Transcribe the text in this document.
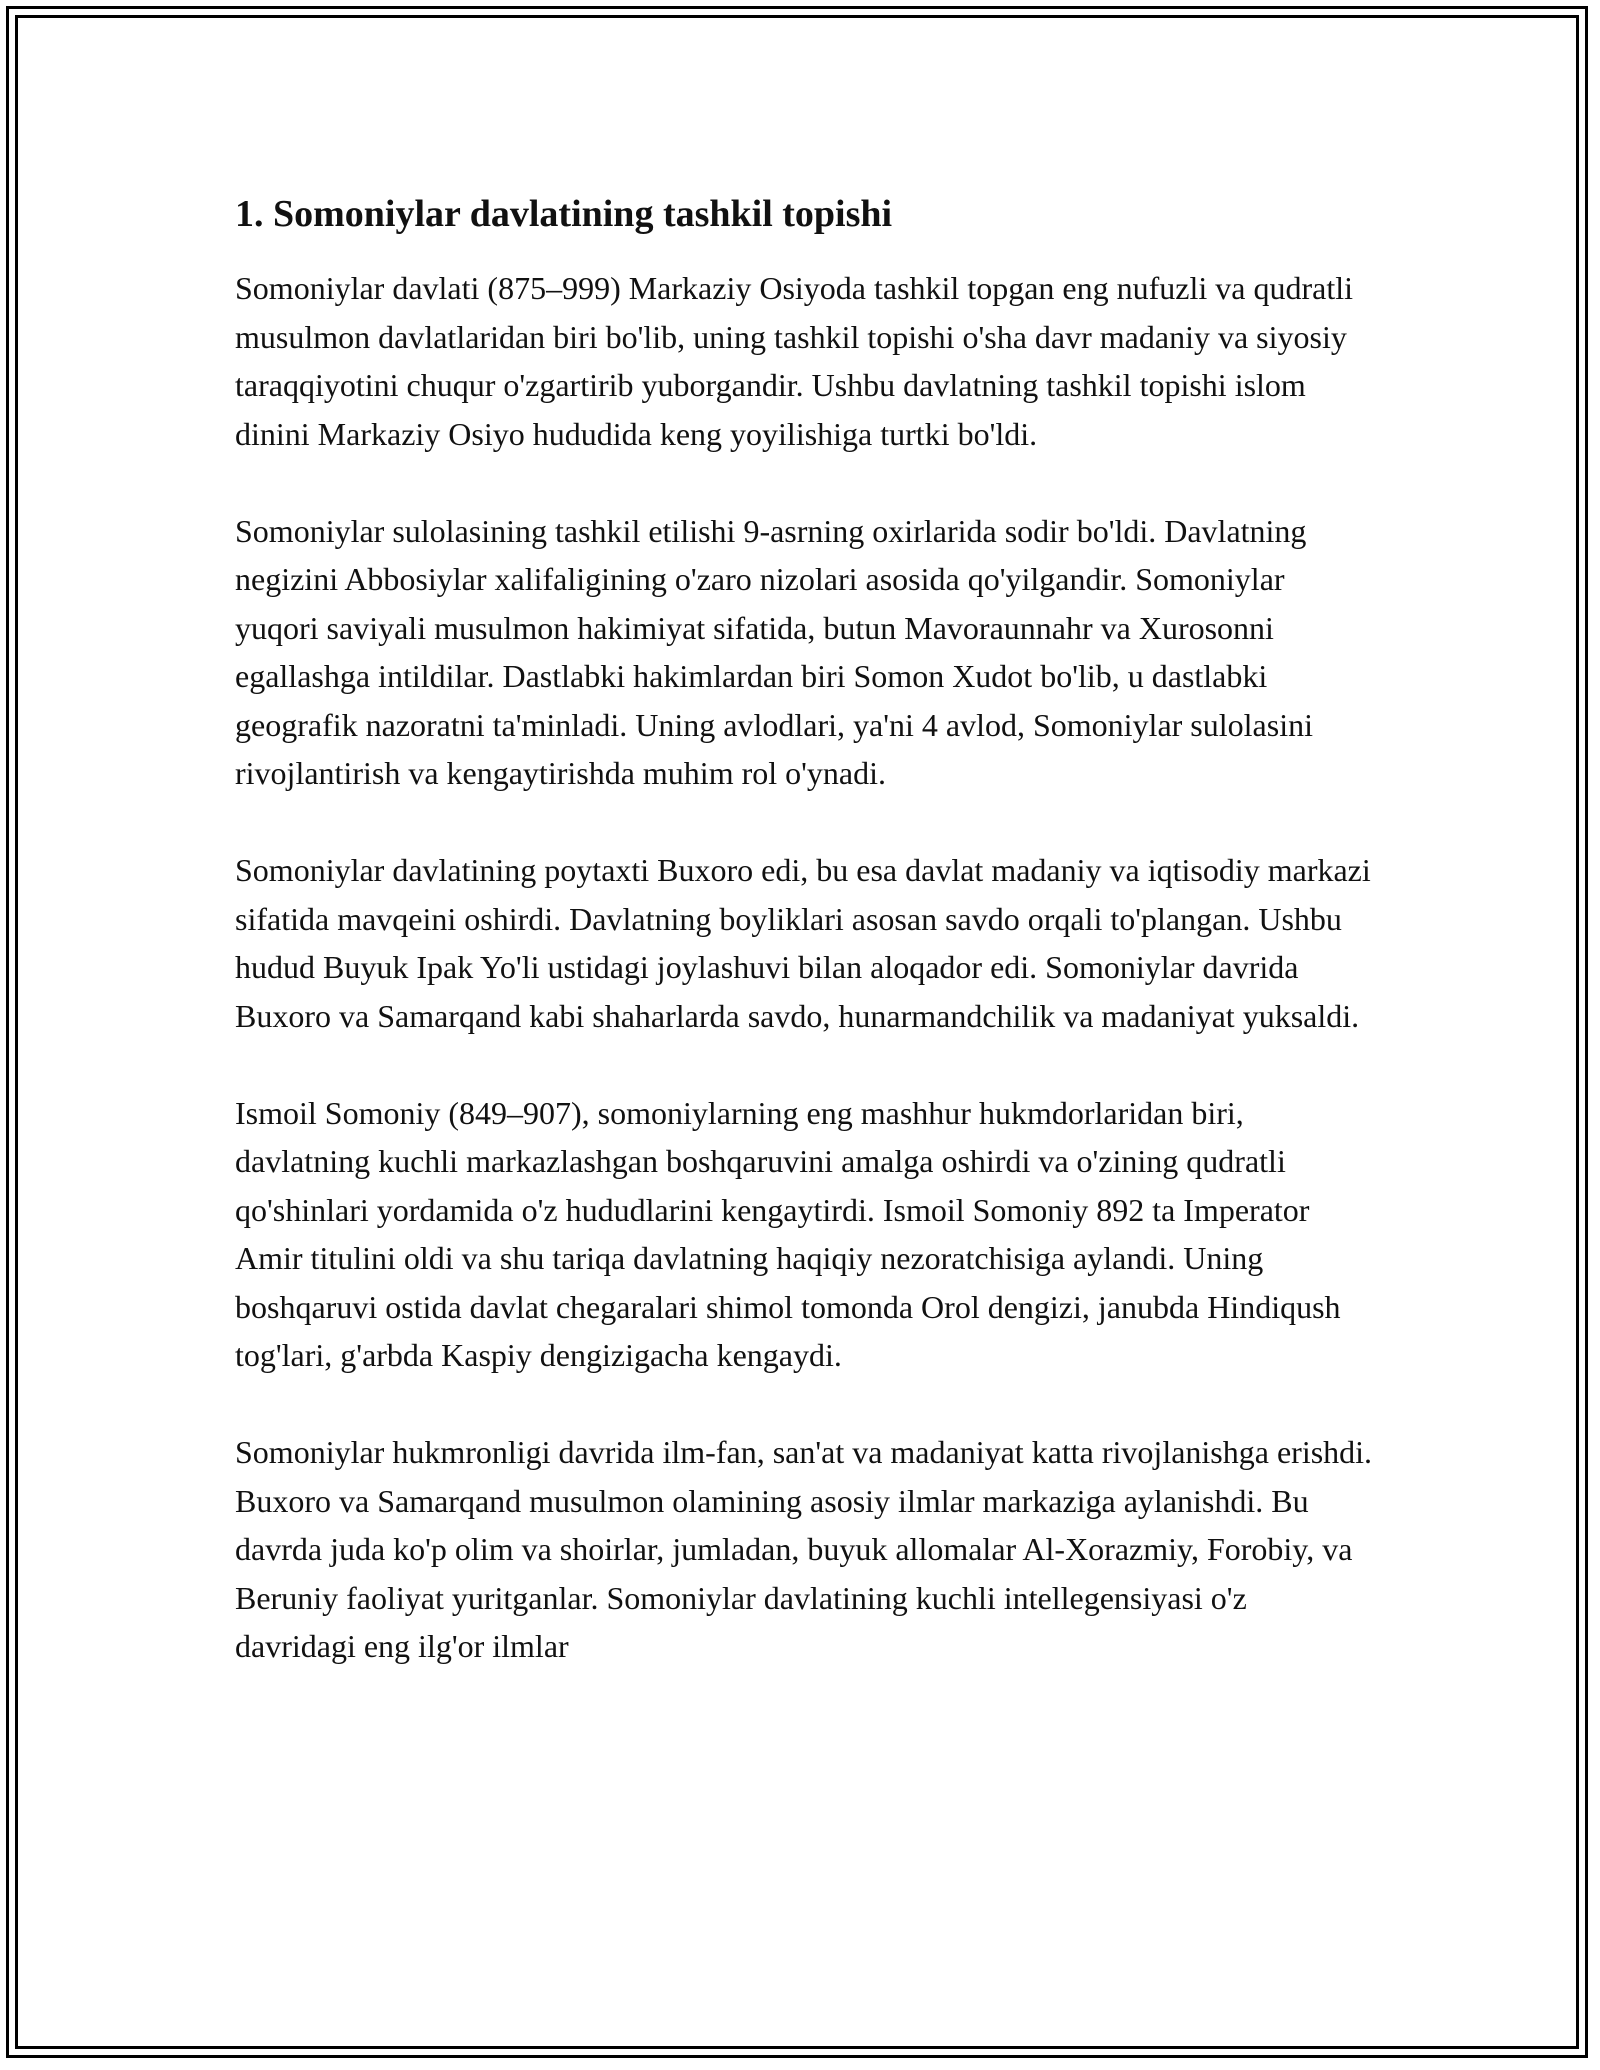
1. Somoniylar davlatining tashkil topishi

Somoniylar davlati (875–999) Markaziy Osiyoda tashkil topgan eng nufuzli va qudratli musulmon davlatlaridan biri bo'lib, uning tashkil topishi o'sha davr madaniy va siyosiy taraqqiyotini chuqur o'zgartirib yuborgandir. Ushbu davlatning tashkil topishi islom dinini Markaziy Osiyo hududida keng yoyilishiga turtki bo'ldi.

Somoniylar sulolasining tashkil etilishi 9-asrning oxirlarida sodir bo'ldi. Davlatning negizini Abbosiylar xalifaligining o'zaro nizolari asosida qo'yilgandir. Somoniylar yuqori saviyali musulmon hakimiyat sifatida, butun Mavoraunnahr va Xurosonni egallashga intildilar. Dastlabki hakimlardan biri Somon Xudot bo'lib, u dastlabki geografik nazoratni ta'minladi. Uning avlodlari, ya'ni 4 avlod, Somoniylar sulolasini rivojlantirish va kengaytirishda muhim rol o'ynadi.

Somoniylar davlatining poytaxti Buxoro edi, bu esa davlat madaniy va iqtisodiy markazi sifatida mavqeini oshirdi. Davlatning boyliklari asosan savdo orqali to'plangan. Ushbu hudud Buyuk Ipak Yo'li ustidagi joylashuvi bilan aloqador edi. Somoniylar davrida Buxoro va Samarqand kabi shaharlarda savdo, hunarmandchilik va madaniyat yuksaldi.

Ismoil Somoniy (849–907), somoniylarning eng mashhur hukmdorlaridan biri, davlatning kuchli markazlashgan boshqaruvini amalga oshirdi va o'zining qudratli qo'shinlari yordamida o'z hududlarini kengaytirdi. Ismoil Somoniy 892 ta Imperator Amir titulini oldi va shu tariqa davlatning haqiqiy nezoratchisiga aylandi. Uning boshqaruvi ostida davlat chegaralari shimol tomonda Orol dengizi, janubda Hindiqush tog'lari, g'arbda Kaspiy dengizigacha kengaydi.

Somoniylar hukmronligi davrida ilm-fan, san'at va madaniyat katta rivojlanishga erishdi. Buxoro va Samarqand musulmon olamining asosiy ilmlar markaziga aylanishdi. Bu davrda juda ko'p olim va shoirlar, jumladan, buyuk allomalar Al-Xorazmiy, Forobiy, va Beruniy faoliyat yuritganlar. Somoniylar davlatining kuchli intellegensiyasi o'z davridagi eng ilg'or ilmlar
